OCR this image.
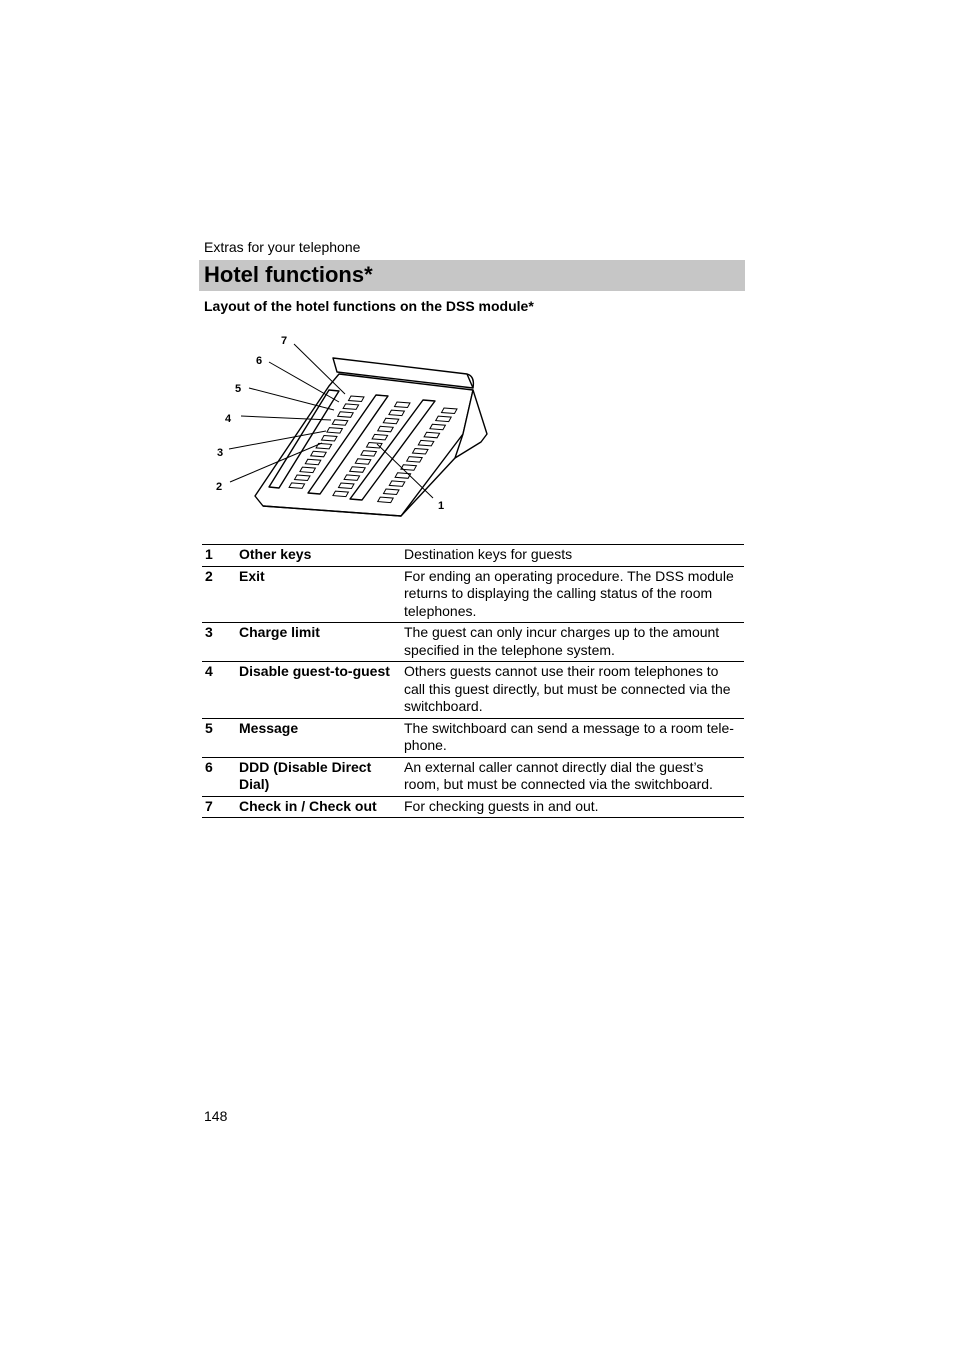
Extras for your telephone
Hotel functions*
Layout of the hotel functions on the DSS module*
7
6
5
4
3
2
1
1	Other keys	Destination keys for guests
2	Exit	For ending an operating procedure. The DSS module returns to displaying the calling status of the room telephones.
3	Charge limit	The guest can only incur charges up to the amount specified in the telephone system.
4	Disable guest-to-guest	Others guests cannot use their room telephones to call this guest directly, but must be connected via the switchboard.
5	Message	The switchboard can send a message to a room tele-phone.
6	DDD (Disable Direct Dial)	An external caller cannot directly dial the guest’s room, but must be connected via the switchboard.
7	Check in / Check out	For checking guests in and out.
148
